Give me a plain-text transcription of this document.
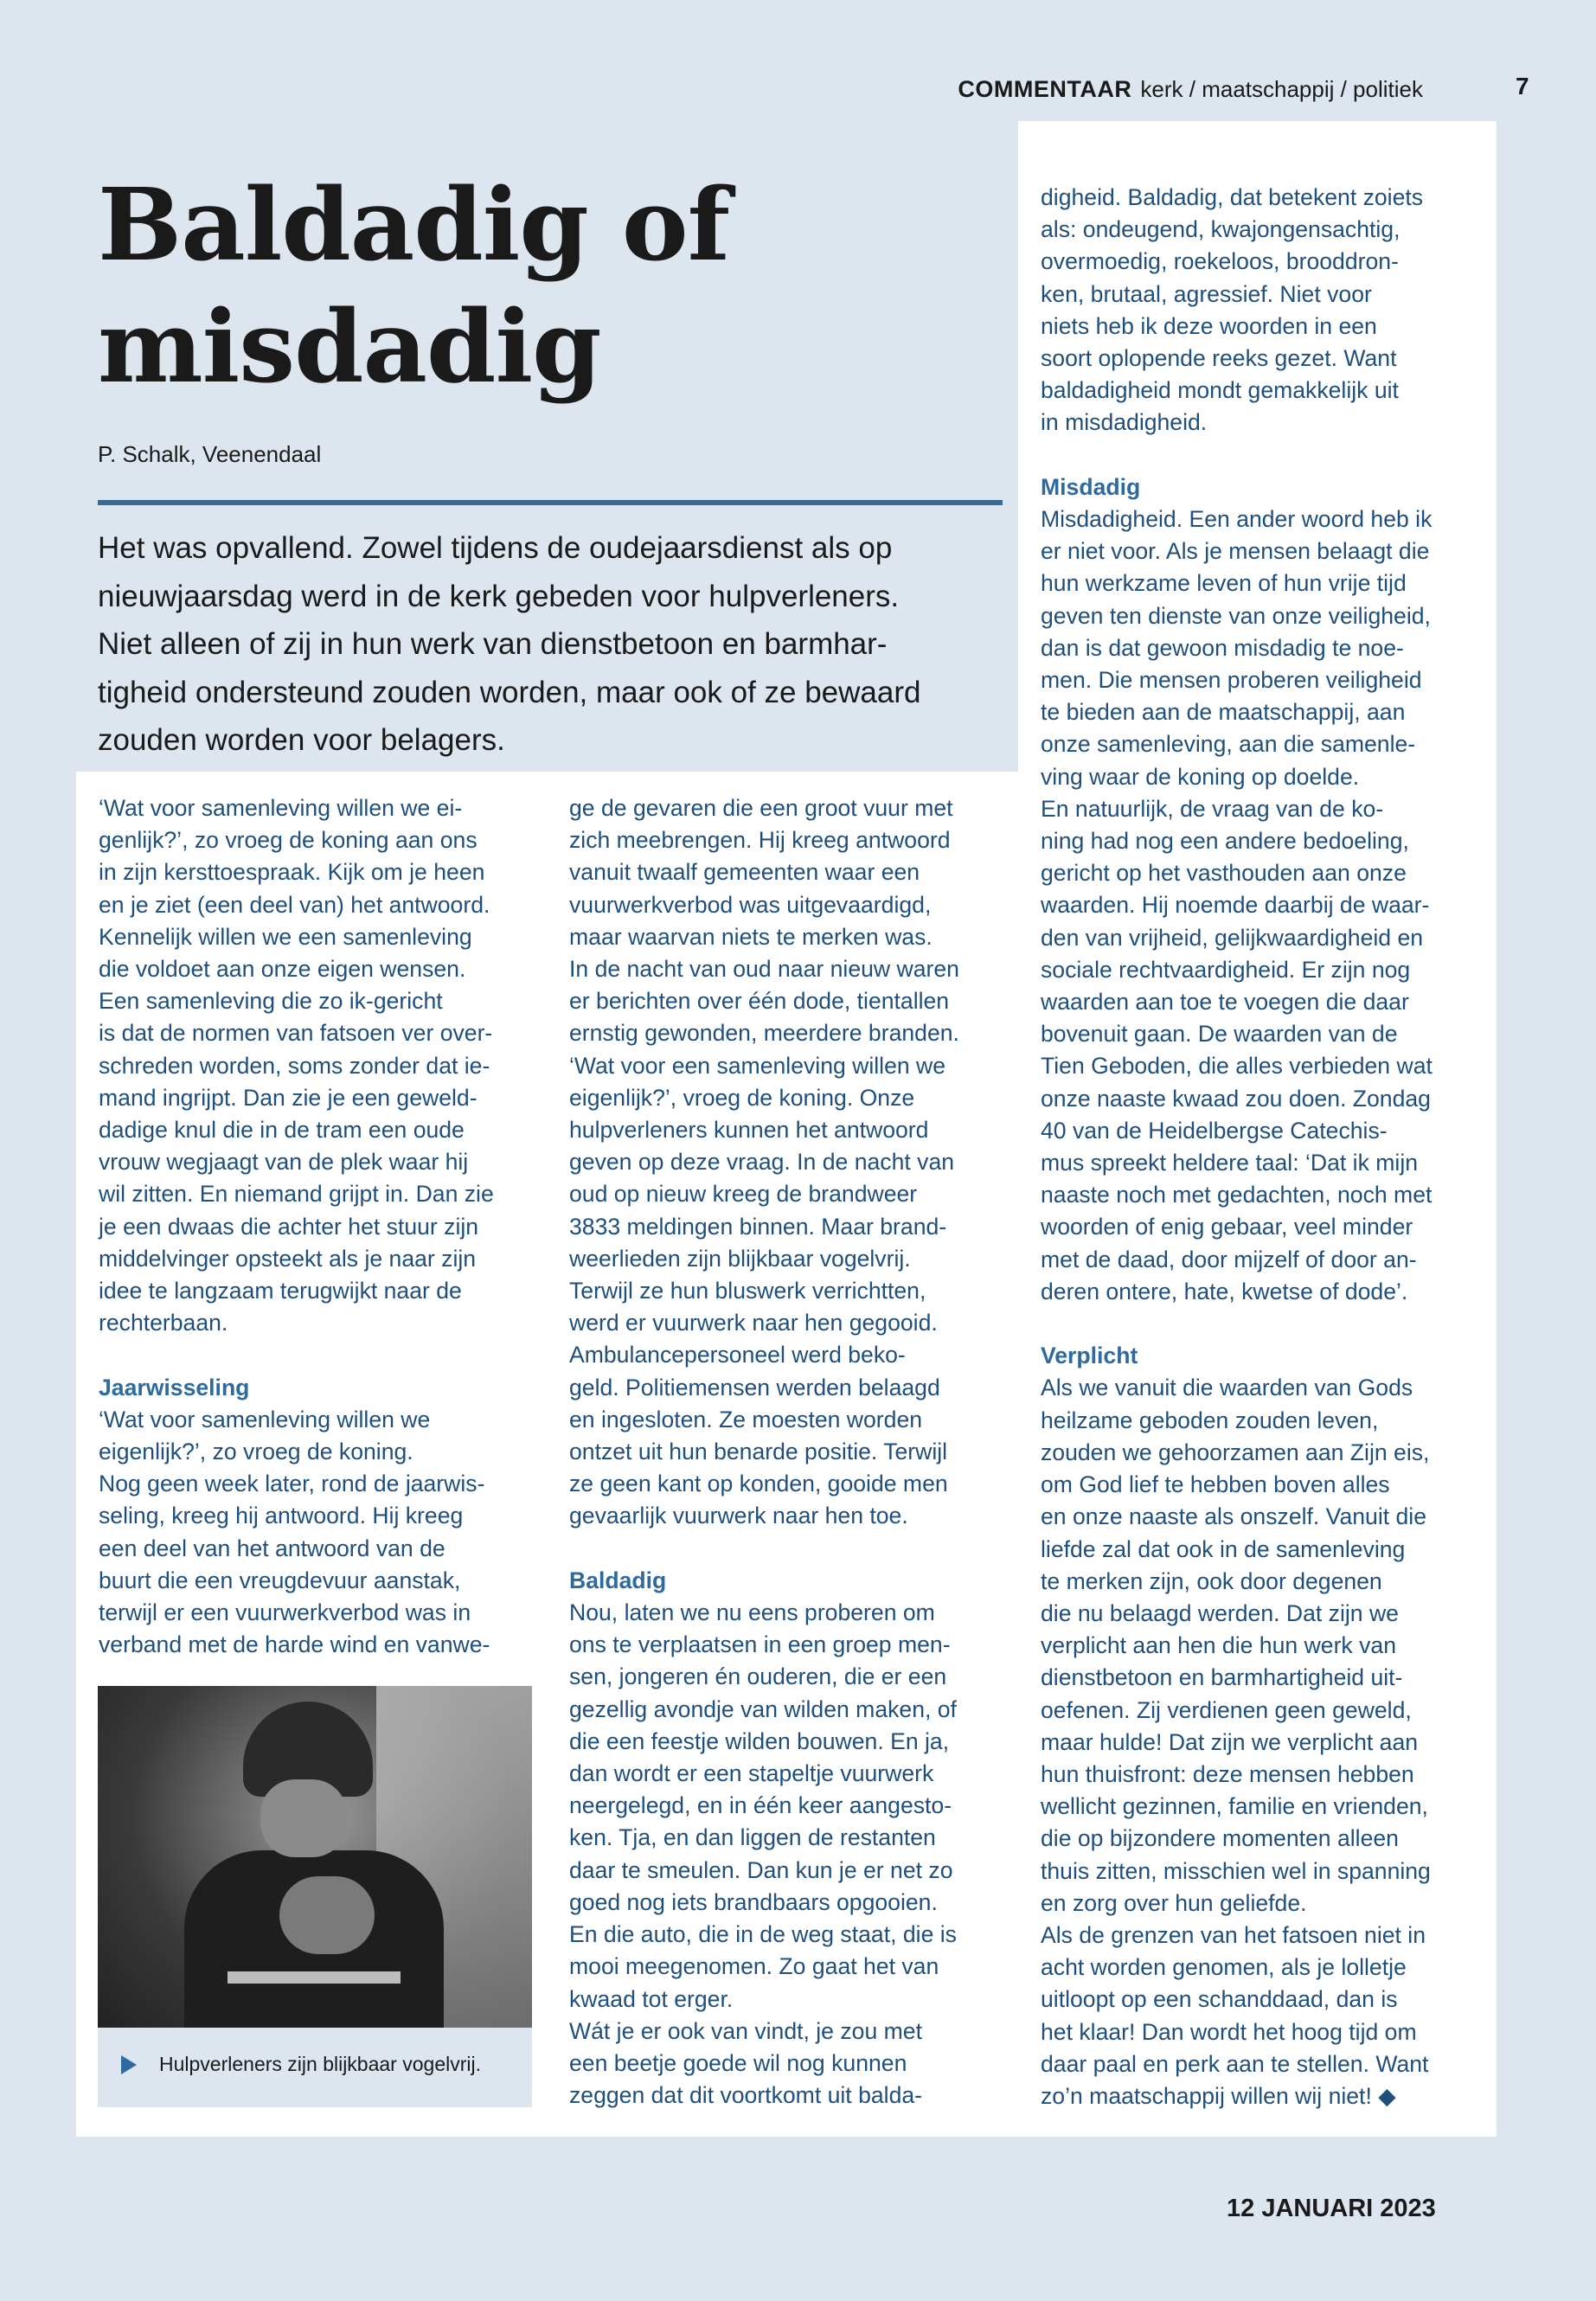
COMMENTAAR kerk / maatschappij / politiek	7
Baldadig of
misdadig
P. Schalk, Veenendaal
Het was opvallend. Zowel tijdens de oudejaarsdienst als op
nieuwjaarsdag werd in de kerk gebeden voor hulpverleners.
Niet alleen of zij in hun werk van dienstbetoon en barmhar-
tigheid ondersteund zouden worden, maar ook of ze bewaard
zouden worden voor belagers.
‘Wat voor samenleving willen we ei-
genlijk?’, zo vroeg de koning aan ons
in zijn kersttoespraak. Kijk om je heen
en je ziet (een deel van) het antwoord.
Kennelijk willen we een samenleving
die voldoet aan onze eigen wensen.
Een samenleving die zo ik-gericht
is dat de normen van fatsoen ver over-
schreden worden, soms zonder dat ie-
mand ingrijpt. Dan zie je een geweld-
dadige knul die in de tram een oude
vrouw wegjaagt van de plek waar hij
wil zitten. En niemand grijpt in. Dan zie
je een dwaas die achter het stuur zijn
middelvinger opsteekt als je naar zijn
idee te langzaam terugwijkt naar de
rechterbaan.
Jaarwisseling
‘Wat voor samenleving willen we
eigenlijk?’, zo vroeg de koning.
Nog geen week later, rond de jaarwis-
seling, kreeg hij antwoord. Hij kreeg
een deel van het antwoord van de
buurt die een vreugdevuur aanstak,
terwijl er een vuurwerkverbod was in
verband met de harde wind en vanwe-
Hulpverleners zijn blijkbaar vogelvrij.
ge de gevaren die een groot vuur met
zich meebrengen. Hij kreeg antwoord
vanuit twaalf gemeenten waar een
vuurwerkverbod was uitgevaardigd,
maar waarvan niets te merken was.
In de nacht van oud naar nieuw waren
er berichten over één dode, tientallen
ernstig gewonden, meerdere branden.
‘Wat voor een samenleving willen we
eigenlijk?’, vroeg de koning. Onze
hulpverleners kunnen het antwoord
geven op deze vraag. In de nacht van
oud op nieuw kreeg de brandweer
3833 meldingen binnen. Maar brand-
weerlieden zijn blijkbaar vogelvrij.
Terwijl ze hun bluswerk verrichtten,
werd er vuurwerk naar hen gegooid.
Ambulancepersoneel werd beko-
geld. Politiemensen werden belaagd
en ingesloten. Ze moesten worden
ontzet uit hun benarde positie. Terwijl
ze geen kant op konden, gooide men
gevaarlijk vuurwerk naar hen toe.
Baldadig
Nou, laten we nu eens proberen om
ons te verplaatsen in een groep men-
sen, jongeren én ouderen, die er een
gezellig avondje van wilden maken, of
die een feestje wilden bouwen. En ja,
dan wordt er een stapeltje vuurwerk
neergelegd, en in één keer aangesto-
ken. Tja, en dan liggen de restanten
daar te smeulen. Dan kun je er net zo
goed nog iets brandbaars opgooien.
En die auto, die in de weg staat, die is
mooi meegenomen. Zo gaat het van
kwaad tot erger.
Wát je er ook van vindt, je zou met
een beetje goede wil nog kunnen
zeggen dat dit voortkomt uit balda-
digheid. Baldadig, dat betekent zoiets
als: ondeugend, kwajongensachtig,
overmoedig, roekeloos, brooddron-
ken, brutaal, agressief. Niet voor
niets heb ik deze woorden in een
soort oplopende reeks gezet. Want
baldadigheid mondt gemakkelijk uit
in misdadigheid.
Misdadig
Misdadigheid. Een ander woord heb ik
er niet voor. Als je mensen belaagt die
hun werkzame leven of hun vrije tijd
geven ten dienste van onze veiligheid,
dan is dat gewoon misdadig te noe-
men. Die mensen proberen veiligheid
te bieden aan de maatschappij, aan
onze samenleving, aan die samenle-
ving waar de koning op doelde.
En natuurlijk, de vraag van de ko-
ning had nog een andere bedoeling,
gericht op het vasthouden aan onze
waarden. Hij noemde daarbij de waar-
den van vrijheid, gelijkwaardigheid en
sociale rechtvaardigheid. Er zijn nog
waarden aan toe te voegen die daar
bovenuit gaan. De waarden van de
Tien Geboden, die alles verbieden wat
onze naaste kwaad zou doen. Zondag
40 van de Heidelbergse Catechis-
mus spreekt heldere taal: ‘Dat ik mijn
naaste noch met gedachten, noch met
woorden of enig gebaar, veel minder
met de daad, door mijzelf of door an-
deren ontere, hate, kwetse of dode’.
Verplicht
Als we vanuit die waarden van Gods
heilzame geboden zouden leven,
zouden we gehoorzamen aan Zijn eis,
om God lief te hebben boven alles
en onze naaste als onszelf. Vanuit die
liefde zal dat ook in de samenleving
te merken zijn, ook door degenen
die nu belaagd werden. Dat zijn we
verplicht aan hen die hun werk van
dienstbetoon en barmhartigheid uit-
oefenen. Zij verdienen geen geweld,
maar hulde! Dat zijn we verplicht aan
hun thuisfront: deze mensen hebben
wellicht gezinnen, familie en vrienden,
die op bijzondere momenten alleen
thuis zitten, misschien wel in spanning
en zorg over hun geliefde.
Als de grenzen van het fatsoen niet in
acht worden genomen, als je lolletje
uitloopt op een schanddaad, dan is
het klaar! Dan wordt het hoog tijd om
daar paal en perk aan te stellen. Want
zo’n maatschappij willen wij niet! ◆
12 JANUARI 2023
